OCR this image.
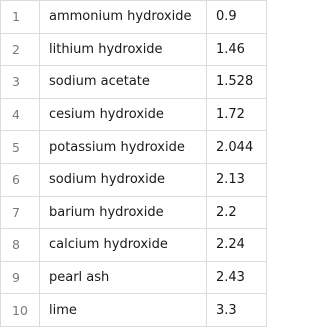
1	ammonium hydroxide	0.9
2	lithium hydroxide	1.46
3	sodium acetate	1.528
4	cesium hydroxide	1.72
5	potassium hydroxide	2.044
6	sodium hydroxide	2.13
7	barium hydroxide	2.2
8	calcium hydroxide	2.24
9	pearl ash	2.43
10	lime	3.3
